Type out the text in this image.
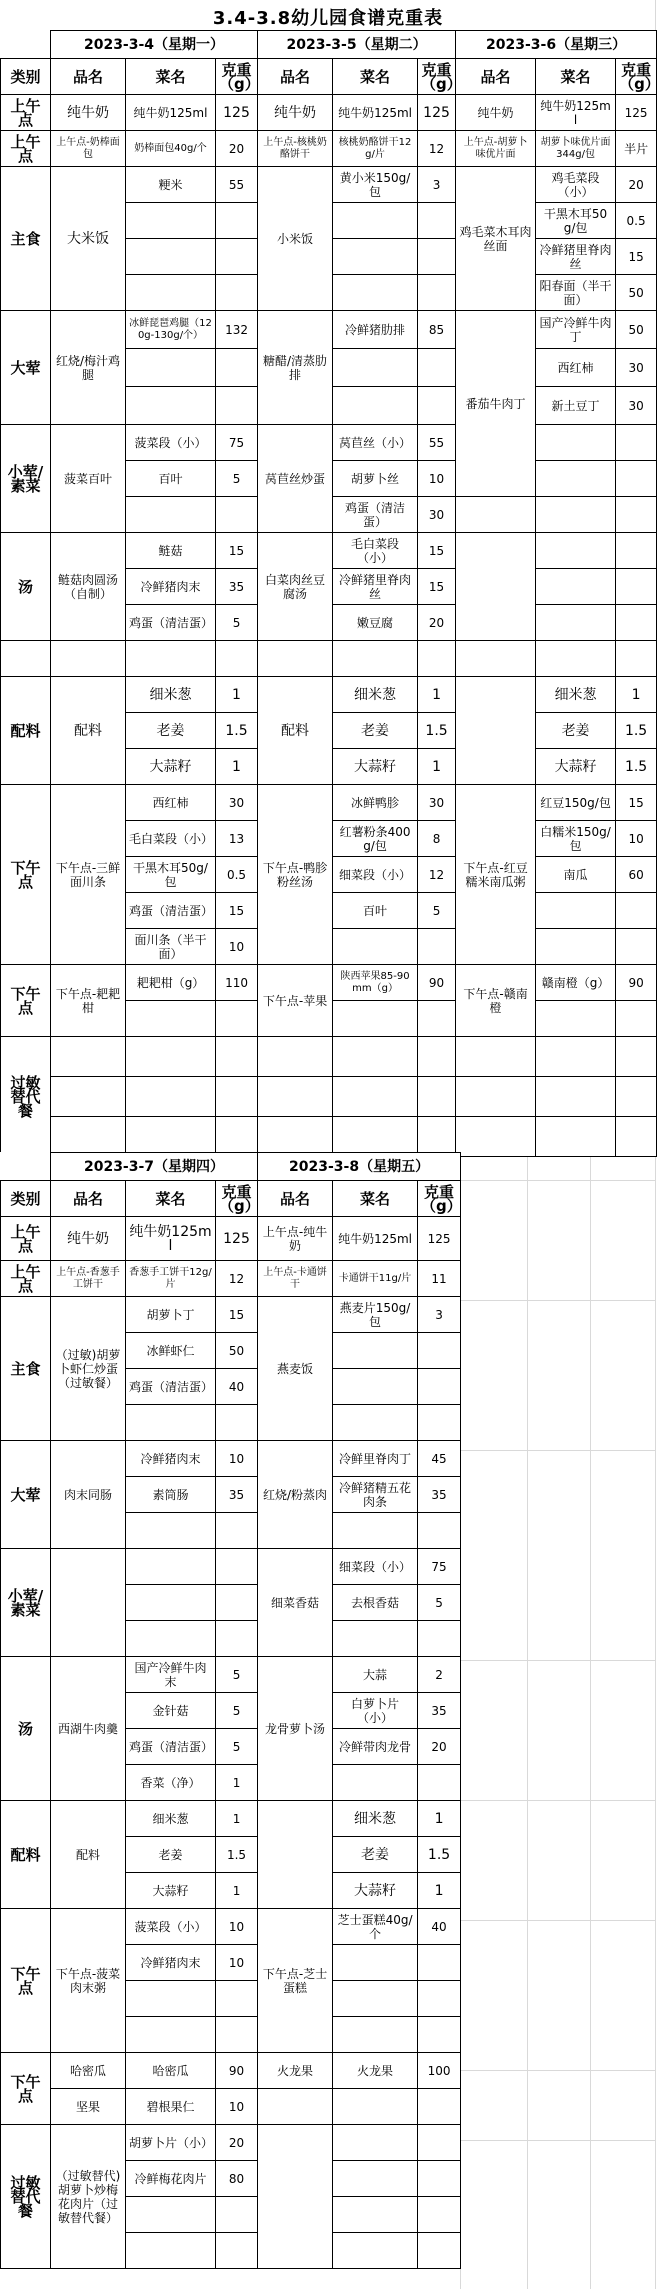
3.4-3.8幼儿园食谱克重表
	2023-3-4（星期一）			2023-3-5（星期二）			2023-3-6（星期三）		
类别	品名	菜名	克重（g）	品名	菜名	克重（g）	品名	菜名	克重（g）
上午点	纯牛奶	纯牛奶125ml	125	纯牛奶	纯牛奶125ml	125	纯牛奶	纯牛奶125ml	125
上午点	上午点-奶棒面包	奶棒面包40g/个	20	上午点-核桃奶酪饼干	核桃奶酪饼干12g/片	12	上午点-胡萝卜味优片面	胡萝卜味优片面344g/包	半片
主食	大米饭	粳米	55	小米饭	黄小米150g/包	3	鸡毛菜木耳肉丝面	鸡毛菜段（小）	20
								干黑木耳50g/包	0.5
								冷鲜猪里脊肉丝	15
								阳春面（半干面）	50
大荤	红烧/梅汁鸡腿	冰鲜琵琶鸡腿（120g-130g/个）	132	糖醋/清蒸肋排	冷鲜猪肋排	85	番茄牛肉丁	国产冷鲜牛肉丁	50
								西红柿	30
								新土豆丁	30
小荤/素菜	菠菜百叶	菠菜段（小）	75	莴苣丝炒蛋	莴苣丝（小）	55			
		百叶	5		胡萝卜丝	10			
					鸡蛋（清洁蛋）	30			
汤	鲢菇肉圆汤（自制）	鲢菇	15	白菜肉丝豆腐汤	毛白菜段（小）	15			
		冷鲜猪肉末	35		冷鲜猪里脊肉丝	15			
		鸡蛋（清洁蛋）	5		嫩豆腐	20			

配料	配料	细米葱	1	配料	细米葱	1		细米葱	1
		老姜	1.5		老姜	1.5		老姜	1.5
		大蒜籽	1		大蒜籽	1		大蒜籽	1.5
下午点	下午点-三鲜面川条	西红柿	30	下午点-鸭胗粉丝汤	冰鲜鸭胗	30	下午点-红豆糯米南瓜粥	红豆150g/包	15
		毛白菜段（小）	13		红薯粉条400g/包	8		白糯米150g/包	10
		干黑木耳50g/包	0.5		细菜段（小）	12		南瓜	60
		鸡蛋（清洁蛋）	15		百叶	5			
		面川条（半干面）	10						
下午点	下午点-耙耙柑	耙耙柑（g）	110	下午点-苹果	陕西苹果85-90mm（g）	90	下午点-赣南橙	赣南橙（g）	90

过敏替代餐									

	2023-3-7（星期四）			2023-3-8（星期五）		
类别	品名	菜名	克重（g）	品名	菜名	克重（g）
上午点	纯牛奶	纯牛奶125ml	125	上午点-纯牛奶	纯牛奶125ml	125
上午点	上午点-香葱手工饼干	香葱手工饼干12g/片	12	上午点-卡通饼干	卡通饼干11g/片	11
主食	（过敏)胡萝卜虾仁炒蛋（过敏餐）	胡萝卜丁	15	燕麦饭	燕麦片150g/包	3
		冰鲜虾仁	50			
		鸡蛋（清洁蛋）	40			

大荤	肉末同肠	冷鲜猪肉末	10	红烧/粉蒸肉	冷鲜里脊肉丁	45
		素筒肠	35		冷鲜猪精五花肉条	35

小荤/素菜				细菜香菇	细菜段（小）	75
					去根香菇	5

汤	西湖牛肉羹	国产冷鲜牛肉末	5	龙骨萝卜汤	大蒜	2
		金针菇	5		白萝卜片（小）	35
		鸡蛋（清洁蛋）	5		冷鲜带肉龙骨	20
		香菜（净）	1			
配料	配料	细米葱	1		细米葱	1
		老姜	1.5		老姜	1.5
		大蒜籽	1		大蒜籽	1
下午点	下午点-菠菜肉末粥	菠菜段（小）	10	下午点-芝士蛋糕	芝士蛋糕40g/个	40
		冷鲜猪肉末	10			

下午点	哈密瓜	哈密瓜	90	火龙果	火龙果	100
	坚果	碧根果仁	10			
过敏替代餐	（过敏替代)胡萝卜炒梅花肉片（过敏替代餐）	胡萝卜片（小）	20			
		冷鲜梅花肉片	80			
